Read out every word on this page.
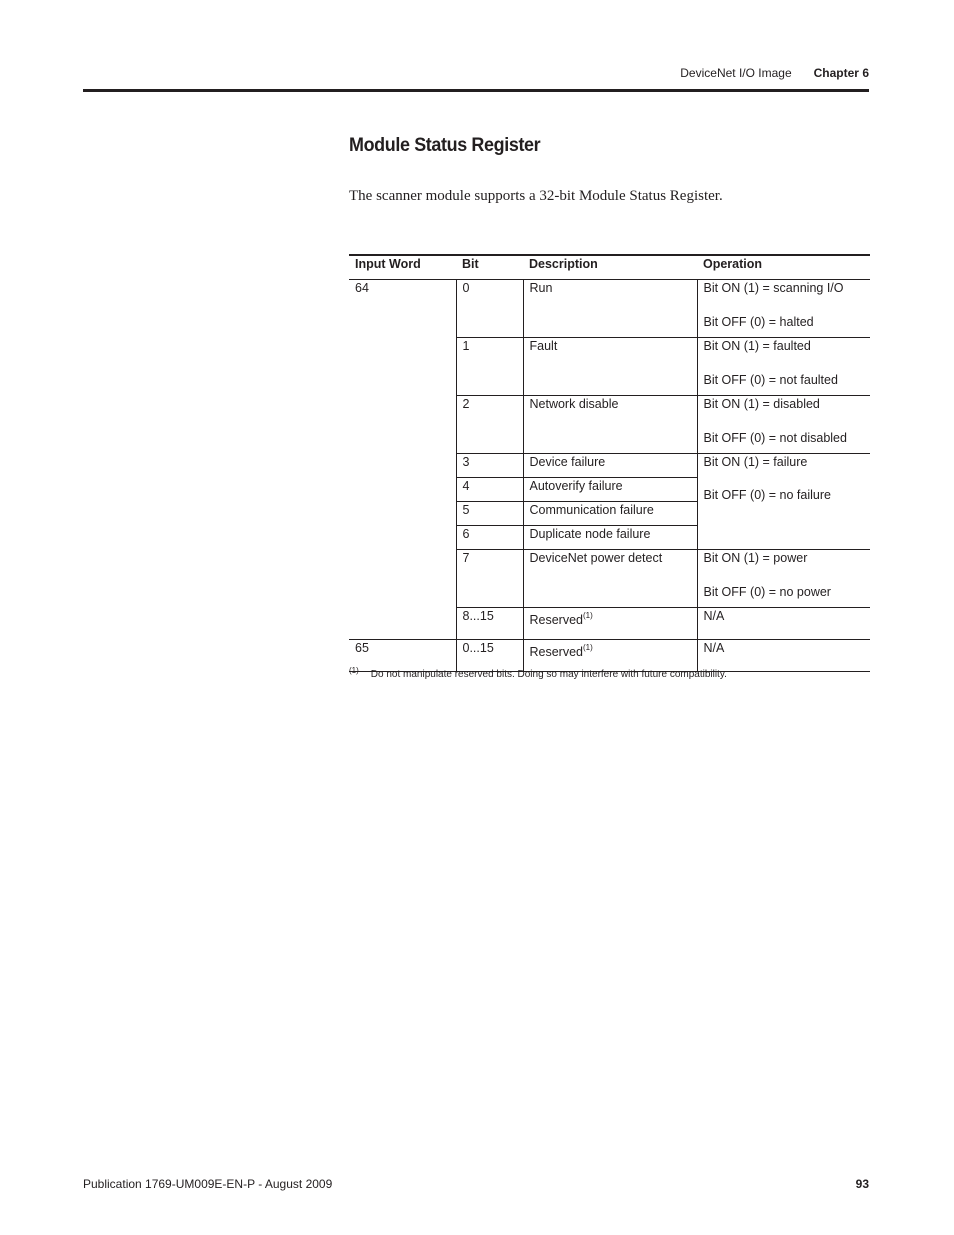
DeviceNet I/O Image Chapter 6
Module Status Register

The scanner module supports a 32-bit Module Status Register.

Input Word	Bit	Description	Operation
64	0	Run	Bit ON (1) = scanning I/O
Bit OFF (0) = halted

	1	Fault	Bit ON (1) = faulted
Bit OFF (0) = not faulted

	2	Network disable	Bit ON (1) = disabled
Bit OFF (0) = not disabled

	3	Device failure	Bit ON (1) = failure
Bit OFF (0) = no failure

	4	Autoverify failure	
	5	Communication failure	
	6	Duplicate node failure	
	7	DeviceNet power detect	Bit ON (1) = power
Bit OFF (0) = no power

	8...15	Reserved$^{(1)}$	N/A
65	0...15	Reserved$^{(1)}$	N/A
$^{(1)}$ Do not manipulate reserved bits. Doing so may interfere with future compatibility.
Publication 1769-UM009E-EN-P - August 2009	93
